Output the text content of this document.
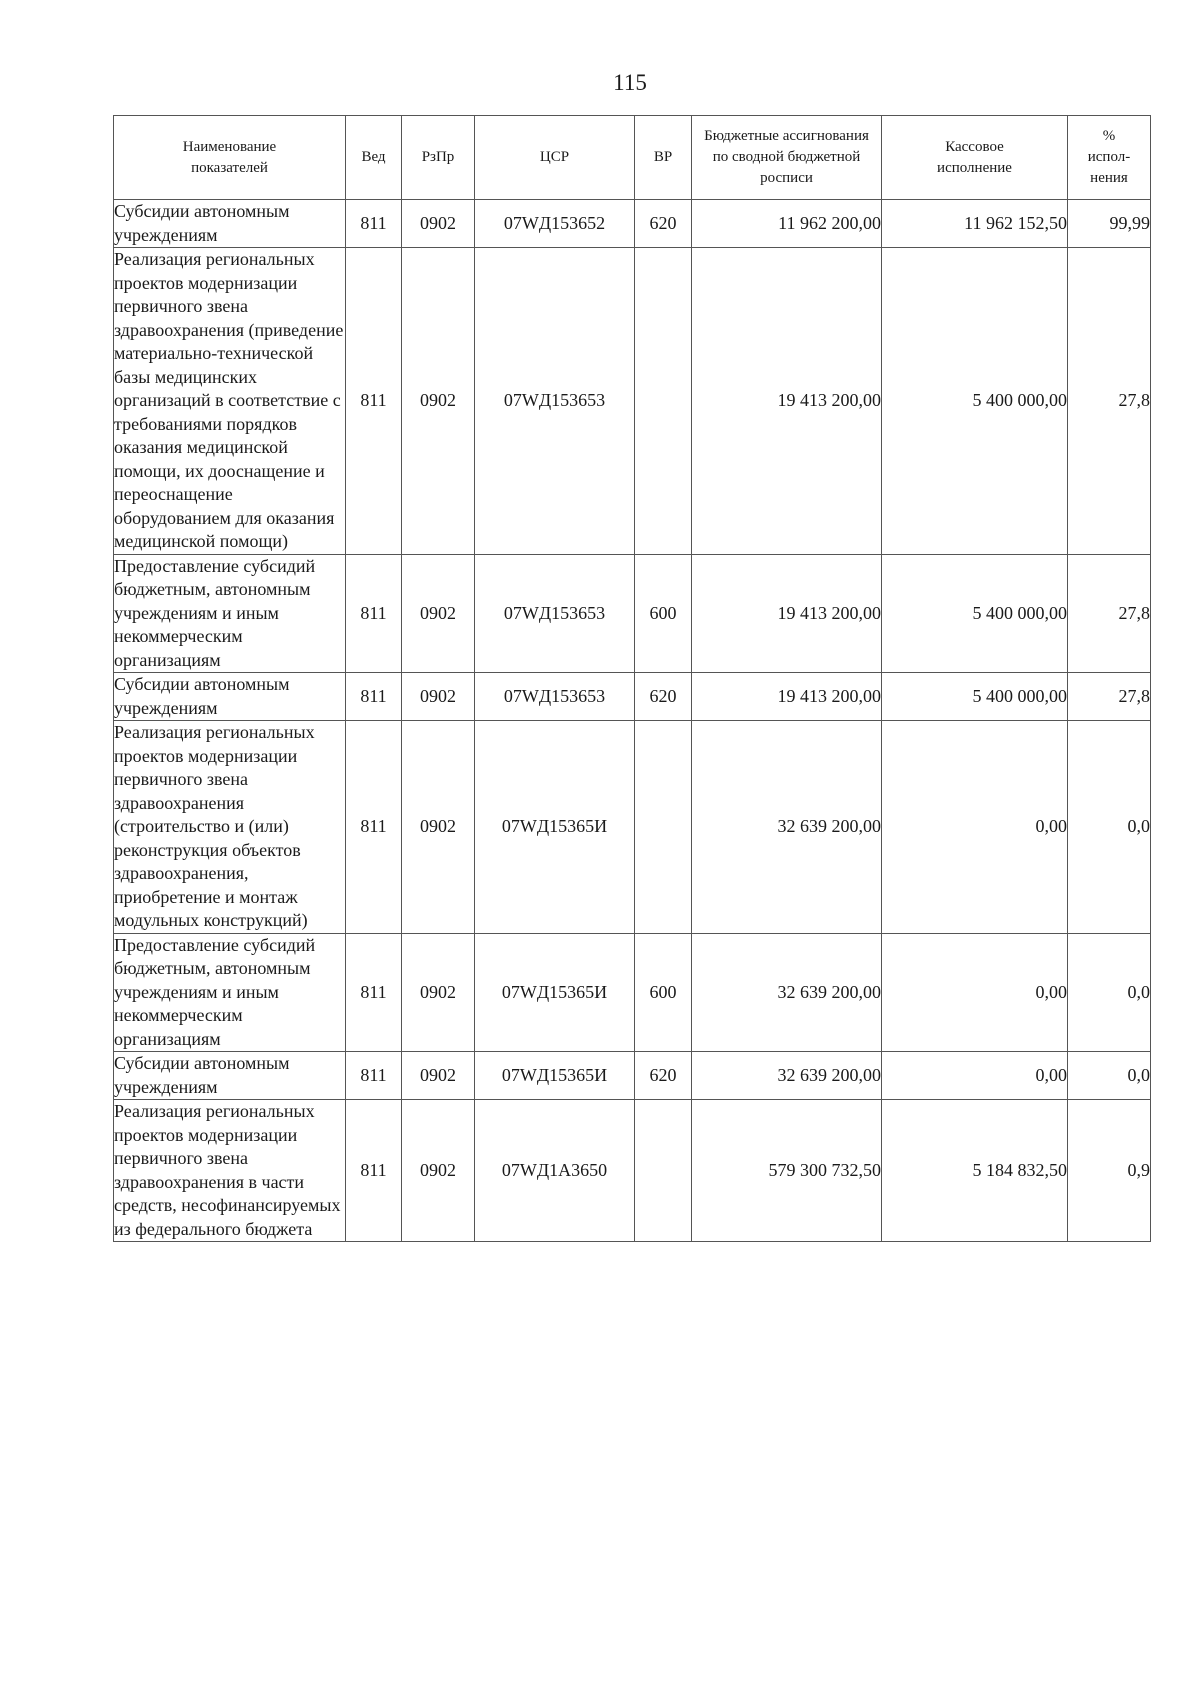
115
Наименование показателей	Вед	РзПр	ЦСР	ВР	Бюджетные ассигнования по сводной бюджетной росписи	Кассовое исполнение	% испол-нения
Субсидии автономным учреждениям	811	0902	07WД153652	620	11 962 200,00	11 962 152,50	99,99
Реализация региональных проектов модернизации первичного звена здравоохранения (приведение материально-технической базы медицинских организаций в соответствие с требованиями порядков оказания медицинской помощи, их дооснащение и переоснащение оборудованием для оказания медицинской помощи)	811	0902	07WД153653		19 413 200,00	5 400 000,00	27,8
Предоставление субсидий бюджетным, автономным учреждениям и иным некоммерческим организациям	811	0902	07WД153653	600	19 413 200,00	5 400 000,00	27,8
Субсидии автономным учреждениям	811	0902	07WД153653	620	19 413 200,00	5 400 000,00	27,8
Реализация региональных проектов модернизации первичного звена здравоохранения (строительство и (или) реконструкция объектов здравоохранения, приобретение и монтаж модульных конструкций)	811	0902	07WД15365И		32 639 200,00	0,00	0,0
Предоставление субсидий бюджетным, автономным учреждениям и иным некоммерческим организациям	811	0902	07WД15365И	600	32 639 200,00	0,00	0,0
Субсидии автономным учреждениям	811	0902	07WД15365И	620	32 639 200,00	0,00	0,0
Реализация региональных проектов модернизации первичного звена здравоохранения в части средств, несофинансируемых из федерального бюджета	811	0902	07WД1А3650		579 300 732,50	5 184 832,50	0,9
